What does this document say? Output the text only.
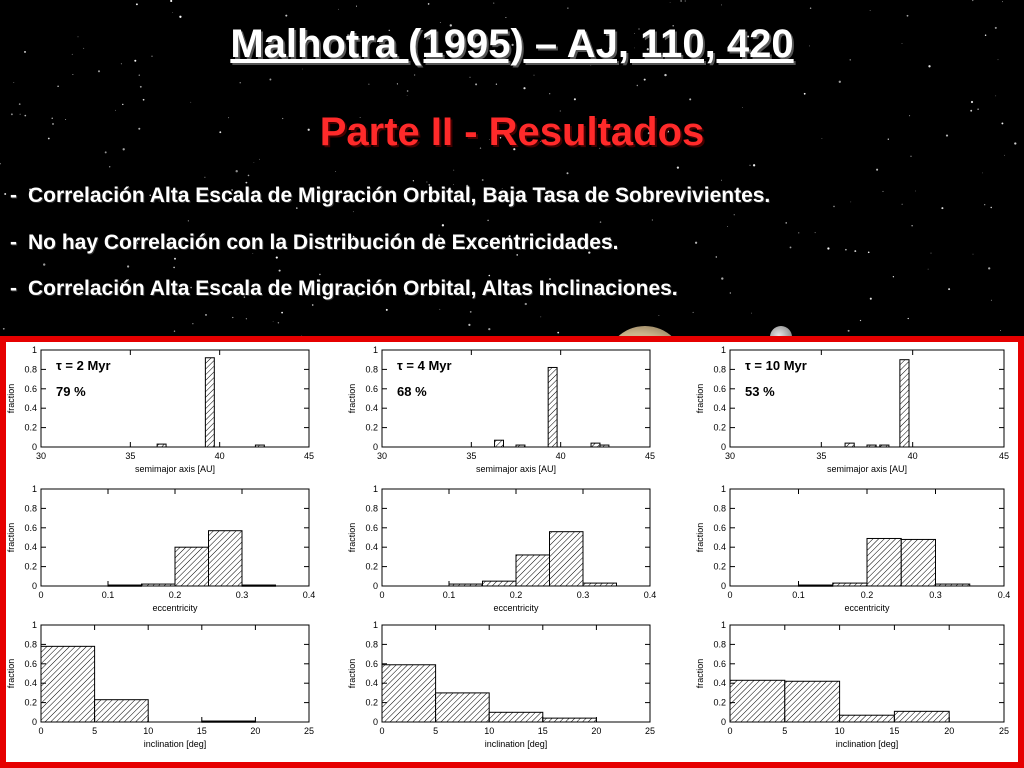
Malhotra (1995) – AJ, 110, 420
Parte II - Resultados
- Correlación Alta Escala de Migración Orbital, Baja Tasa de Sobrevivientes.
- No hay Correlación con la Distribución de Excentricidades.
- Correlación Alta Escala de Migración Orbital, Altas Inclinaciones.
0
0.2
0.4
0.6
0.8
1
30	35	40	45
fraction
semimajor axis [AU]
τ = 2 Myr
79 %
0
0.2
0.4
0.6
0.8
1
0	0.1	0.2	0.3	0.4
fraction
eccentricity
0
0.2
0.4
0.6
0.8
1
0	5	10	15	20	25
fraction
inclination [deg]
0
0.2
0.4
0.6
0.8
1
30	35	40	45
fraction
semimajor axis [AU]
τ = 4 Myr
68 %
0
0.2
0.4
0.6
0.8
1
0	0.1	0.2	0.3	0.4
fraction
eccentricity
0
0.2
0.4
0.6
0.8
1
0	5	10	15	20	25
fraction
inclination [deg]
0
0.2
0.4
0.6
0.8
1
30	35	40	45
fraction
semimajor axis [AU]
τ = 10 Myr
53 %
0
0.2
0.4
0.6
0.8
1
0	0.1	0.2	0.3	0.4
fraction
eccentricity
0
0.2
0.4
0.6
0.8
1
0	5	10	15	20	25
fraction
inclination [deg]
